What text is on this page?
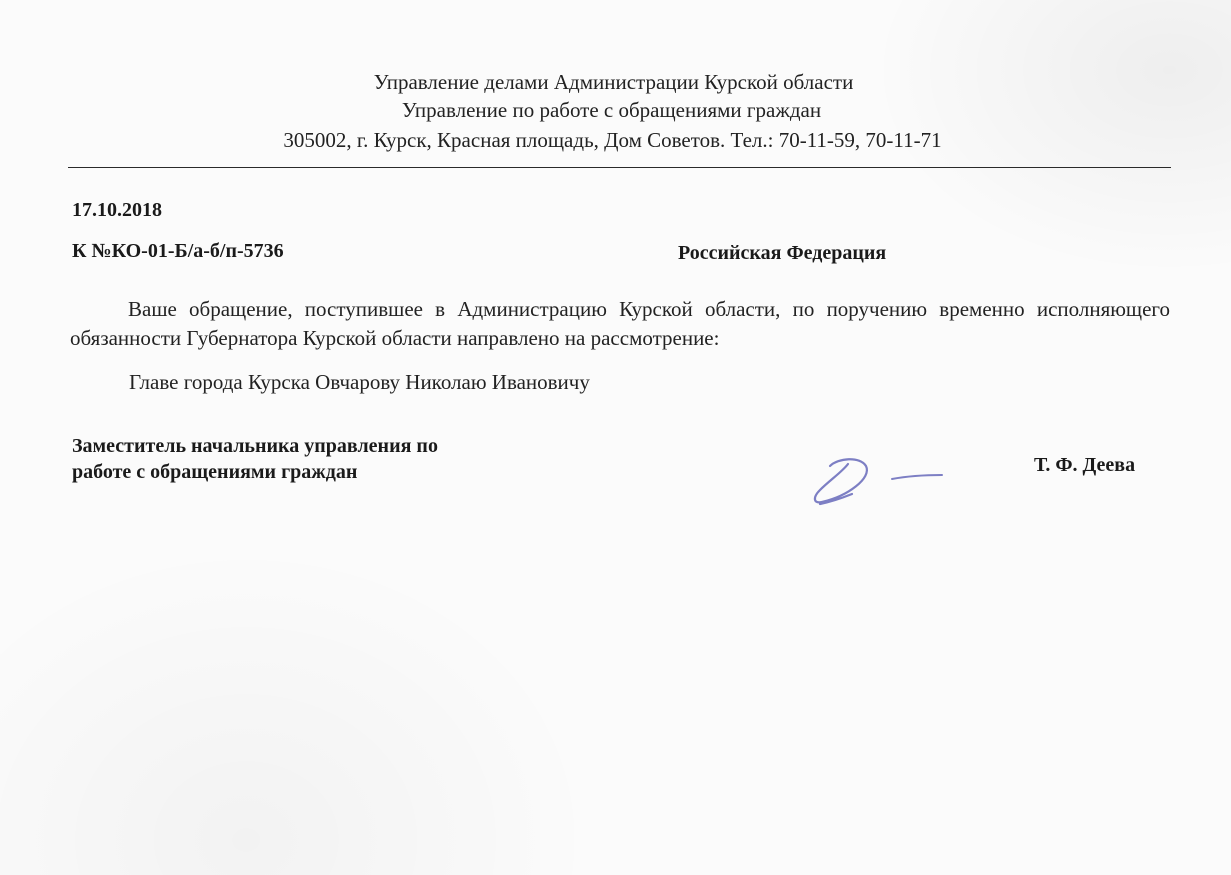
Управление делами Администрации Курской области
Управление по работе с обращениями граждан
305002, г. Курск, Красная площадь, Дом Советов. Тел.: 70-11-59, 70-11-71
17.10.2018
К №КО-01-Б/а-б/п-5736	Российская Федерация
Ваше обращение, поступившее в Администрацию Курской области, по поручению временно исполняющего обязанности Губернатора Курской области направлено на рассмотрение:
Главе города Курска Овчарову Николаю Ивановичу
Заместитель начальника управления по
работе с обращениями граждан	Т. Ф. Деева
